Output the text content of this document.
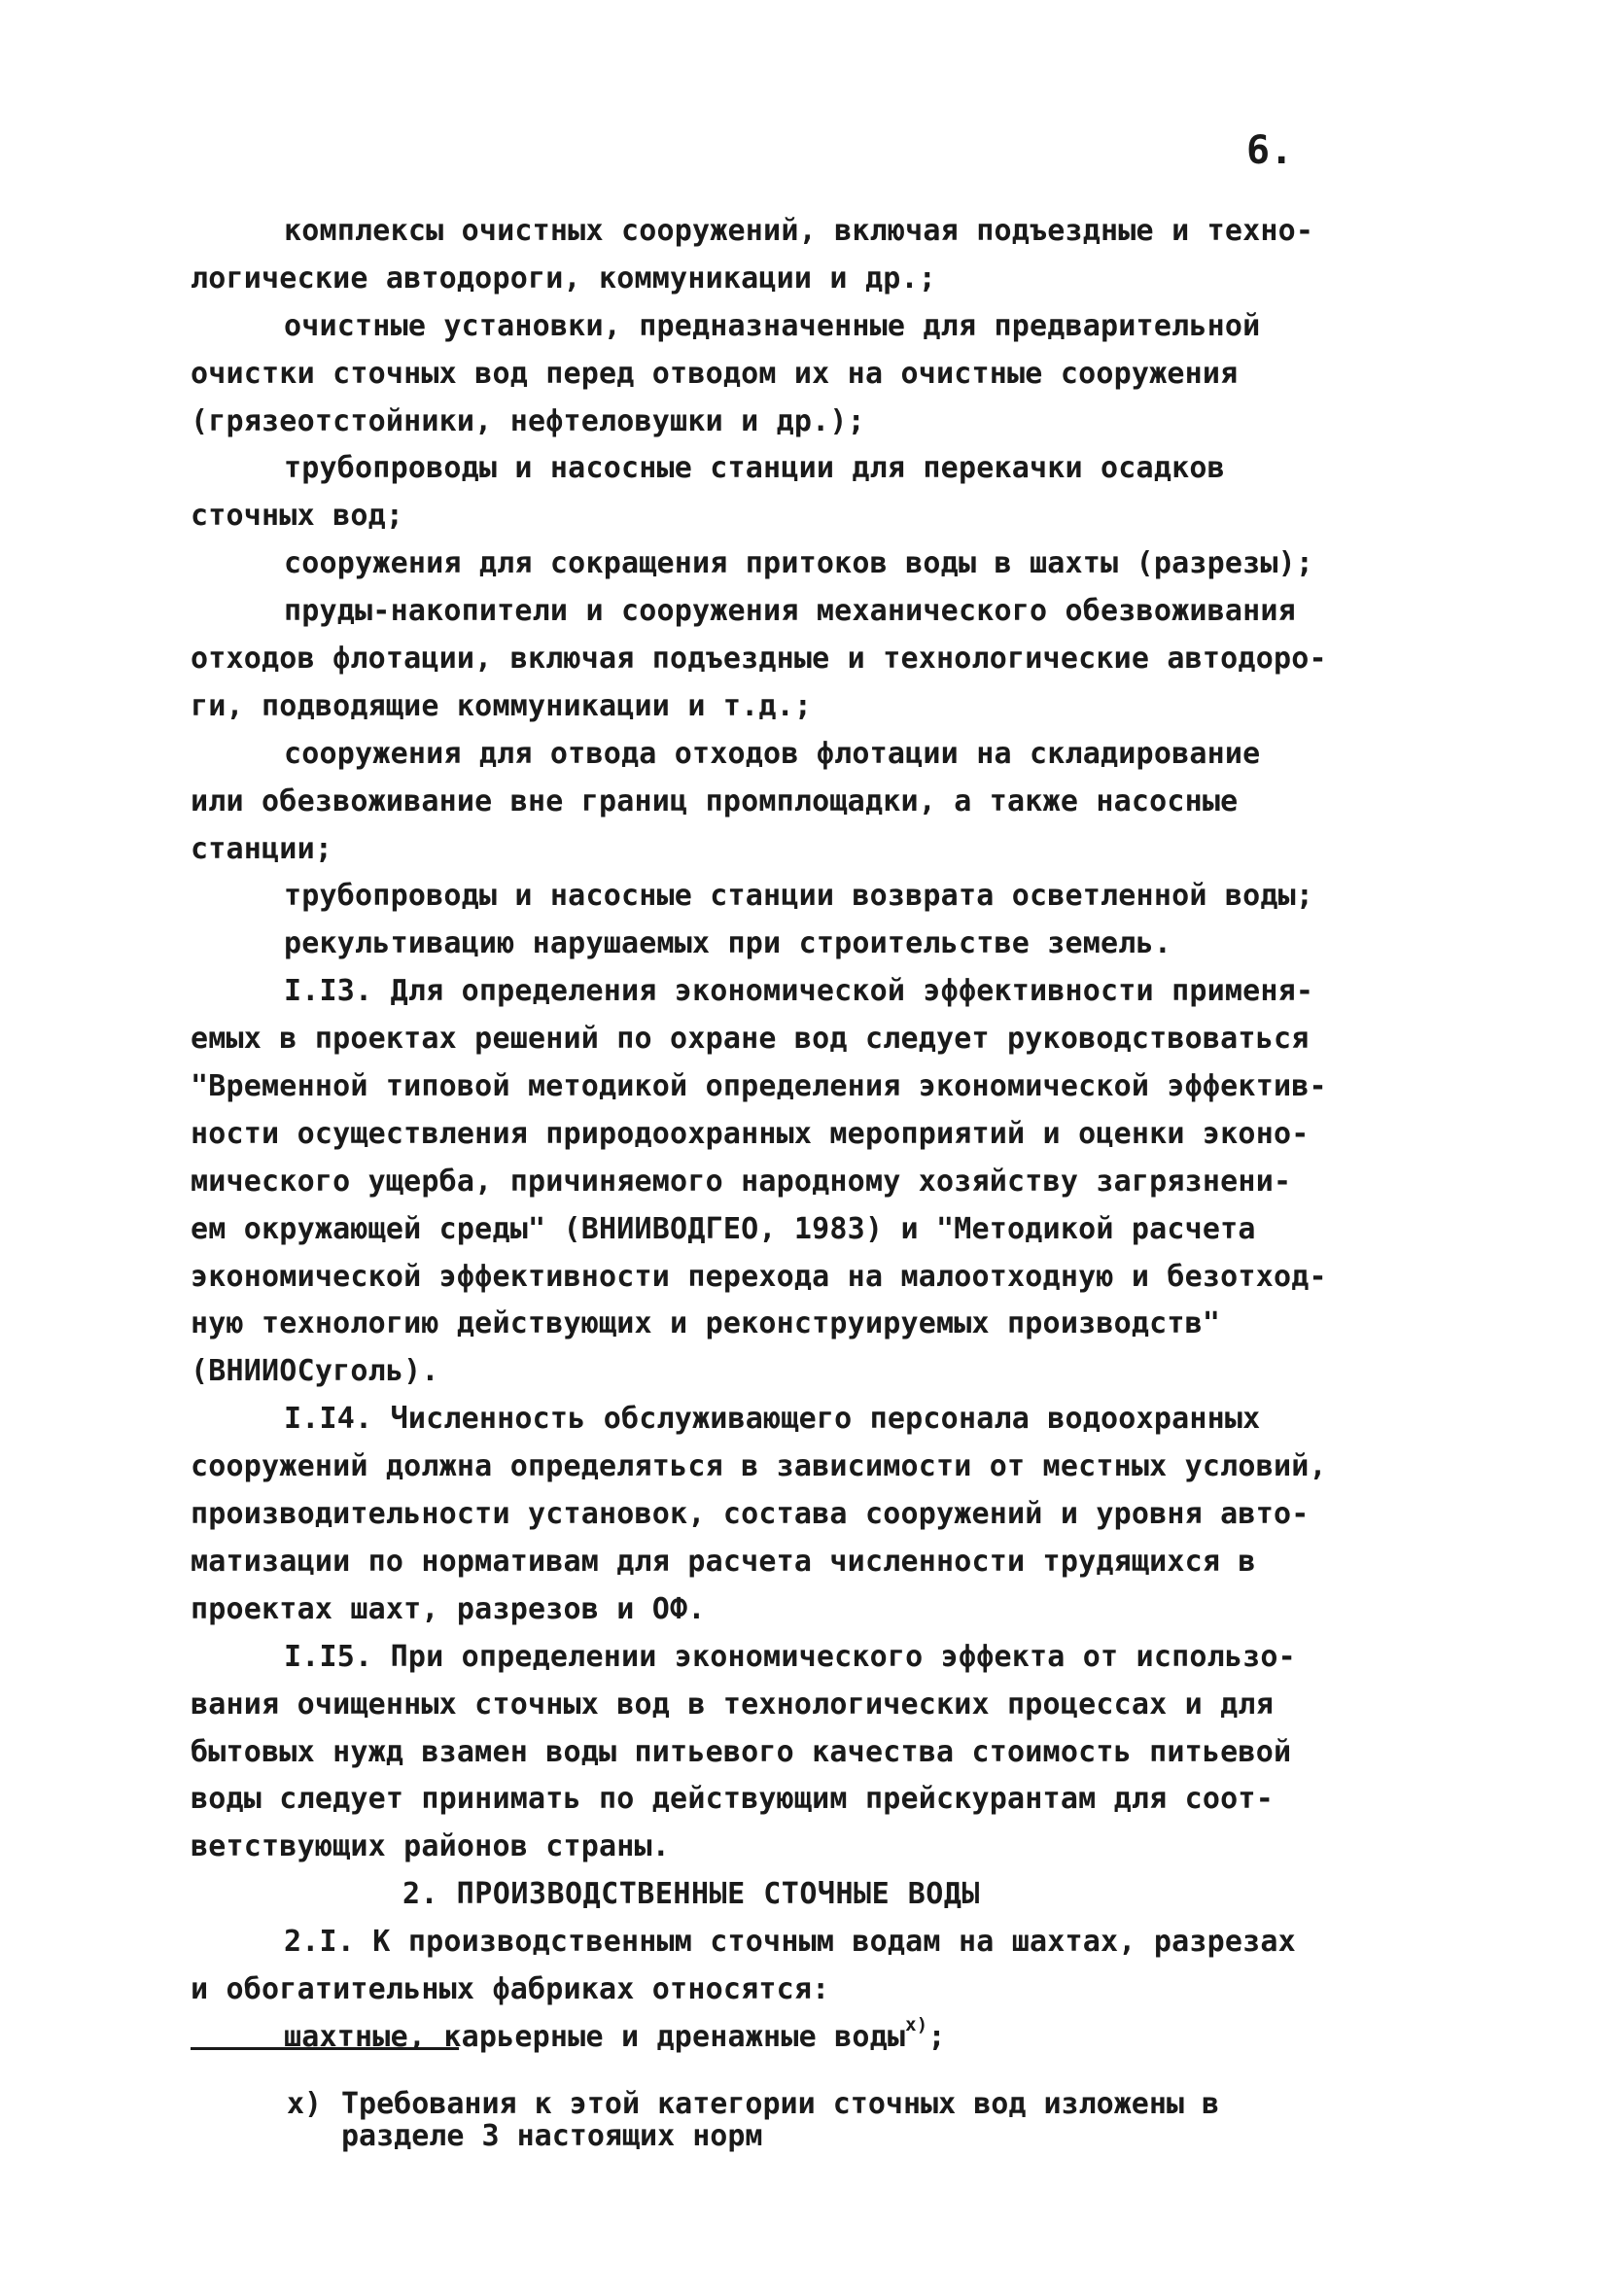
6.
комплексы очистных сооружений, включая подъездные и техно-
логические автодороги, коммуникации и др.;
очистные установки, предназначенные для предварительной
очистки сточных вод перед отводом их на очистные сооружения
(грязеотстойники, нефтеловушки и др.);
трубопроводы и насосные станции для перекачки осадков
сточных вод;
сооружения для сокращения притоков воды в шахты (разрезы);
пруды-накопители и сооружения механического обезвоживания
отходов флотации, включая подъездные и технологические автодоро-
ги, подводящие коммуникации и т.д.;
сооружения для отвода отходов флотации на складирование
или обезвоживание вне границ промплощадки, а также насосные
станции;
трубопроводы и насосные станции возврата осветленной воды;
рекультивацию нарушаемых при строительстве земель.
I.I3. Для определения экономической эффективности применя-
емых в проектах решений по охране вод следует руководствоваться
"Временной типовой методикой определения экономической эффектив-
ности осуществления природоохранных мероприятий и оценки эконо-
мического ущерба, причиняемого народному хозяйству загрязнени-
ем окружающей среды" (ВНИИВОДГЕО, 1983) и "Методикой расчета
экономической эффективности перехода на малоотходную и безотход-
ную технологию действующих и реконструируемых производств"
(ВНИИОСуголь).
I.I4. Численность обслуживающего персонала водоохранных
сооружений должна определяться в зависимости от местных условий,
производительности установок, состава сооружений и уровня авто-
матизации по нормативам для расчета численности трудящихся в
проектах шахт, разрезов и ОФ.
I.I5. При определении экономического эффекта от использо-
вания очищенных сточных вод в технологических процессах и для
бытовых нужд взамен воды питьевого качества стоимость питьевой
воды следует принимать по действующим прейскурантам для соот-
ветствующих районов страны.
2. ПРОИЗВОДСТВЕННЫЕ СТОЧНЫЕ ВОДЫ
2.I. К производственным сточным водам на шахтах, разрезах
и обогатительных фабриках относятся:
шахтные, карьерные и дренажные воды$^{x)}$;
x) Требования к этой категории сточных вод изложены в
разделе 3 настоящих норм
